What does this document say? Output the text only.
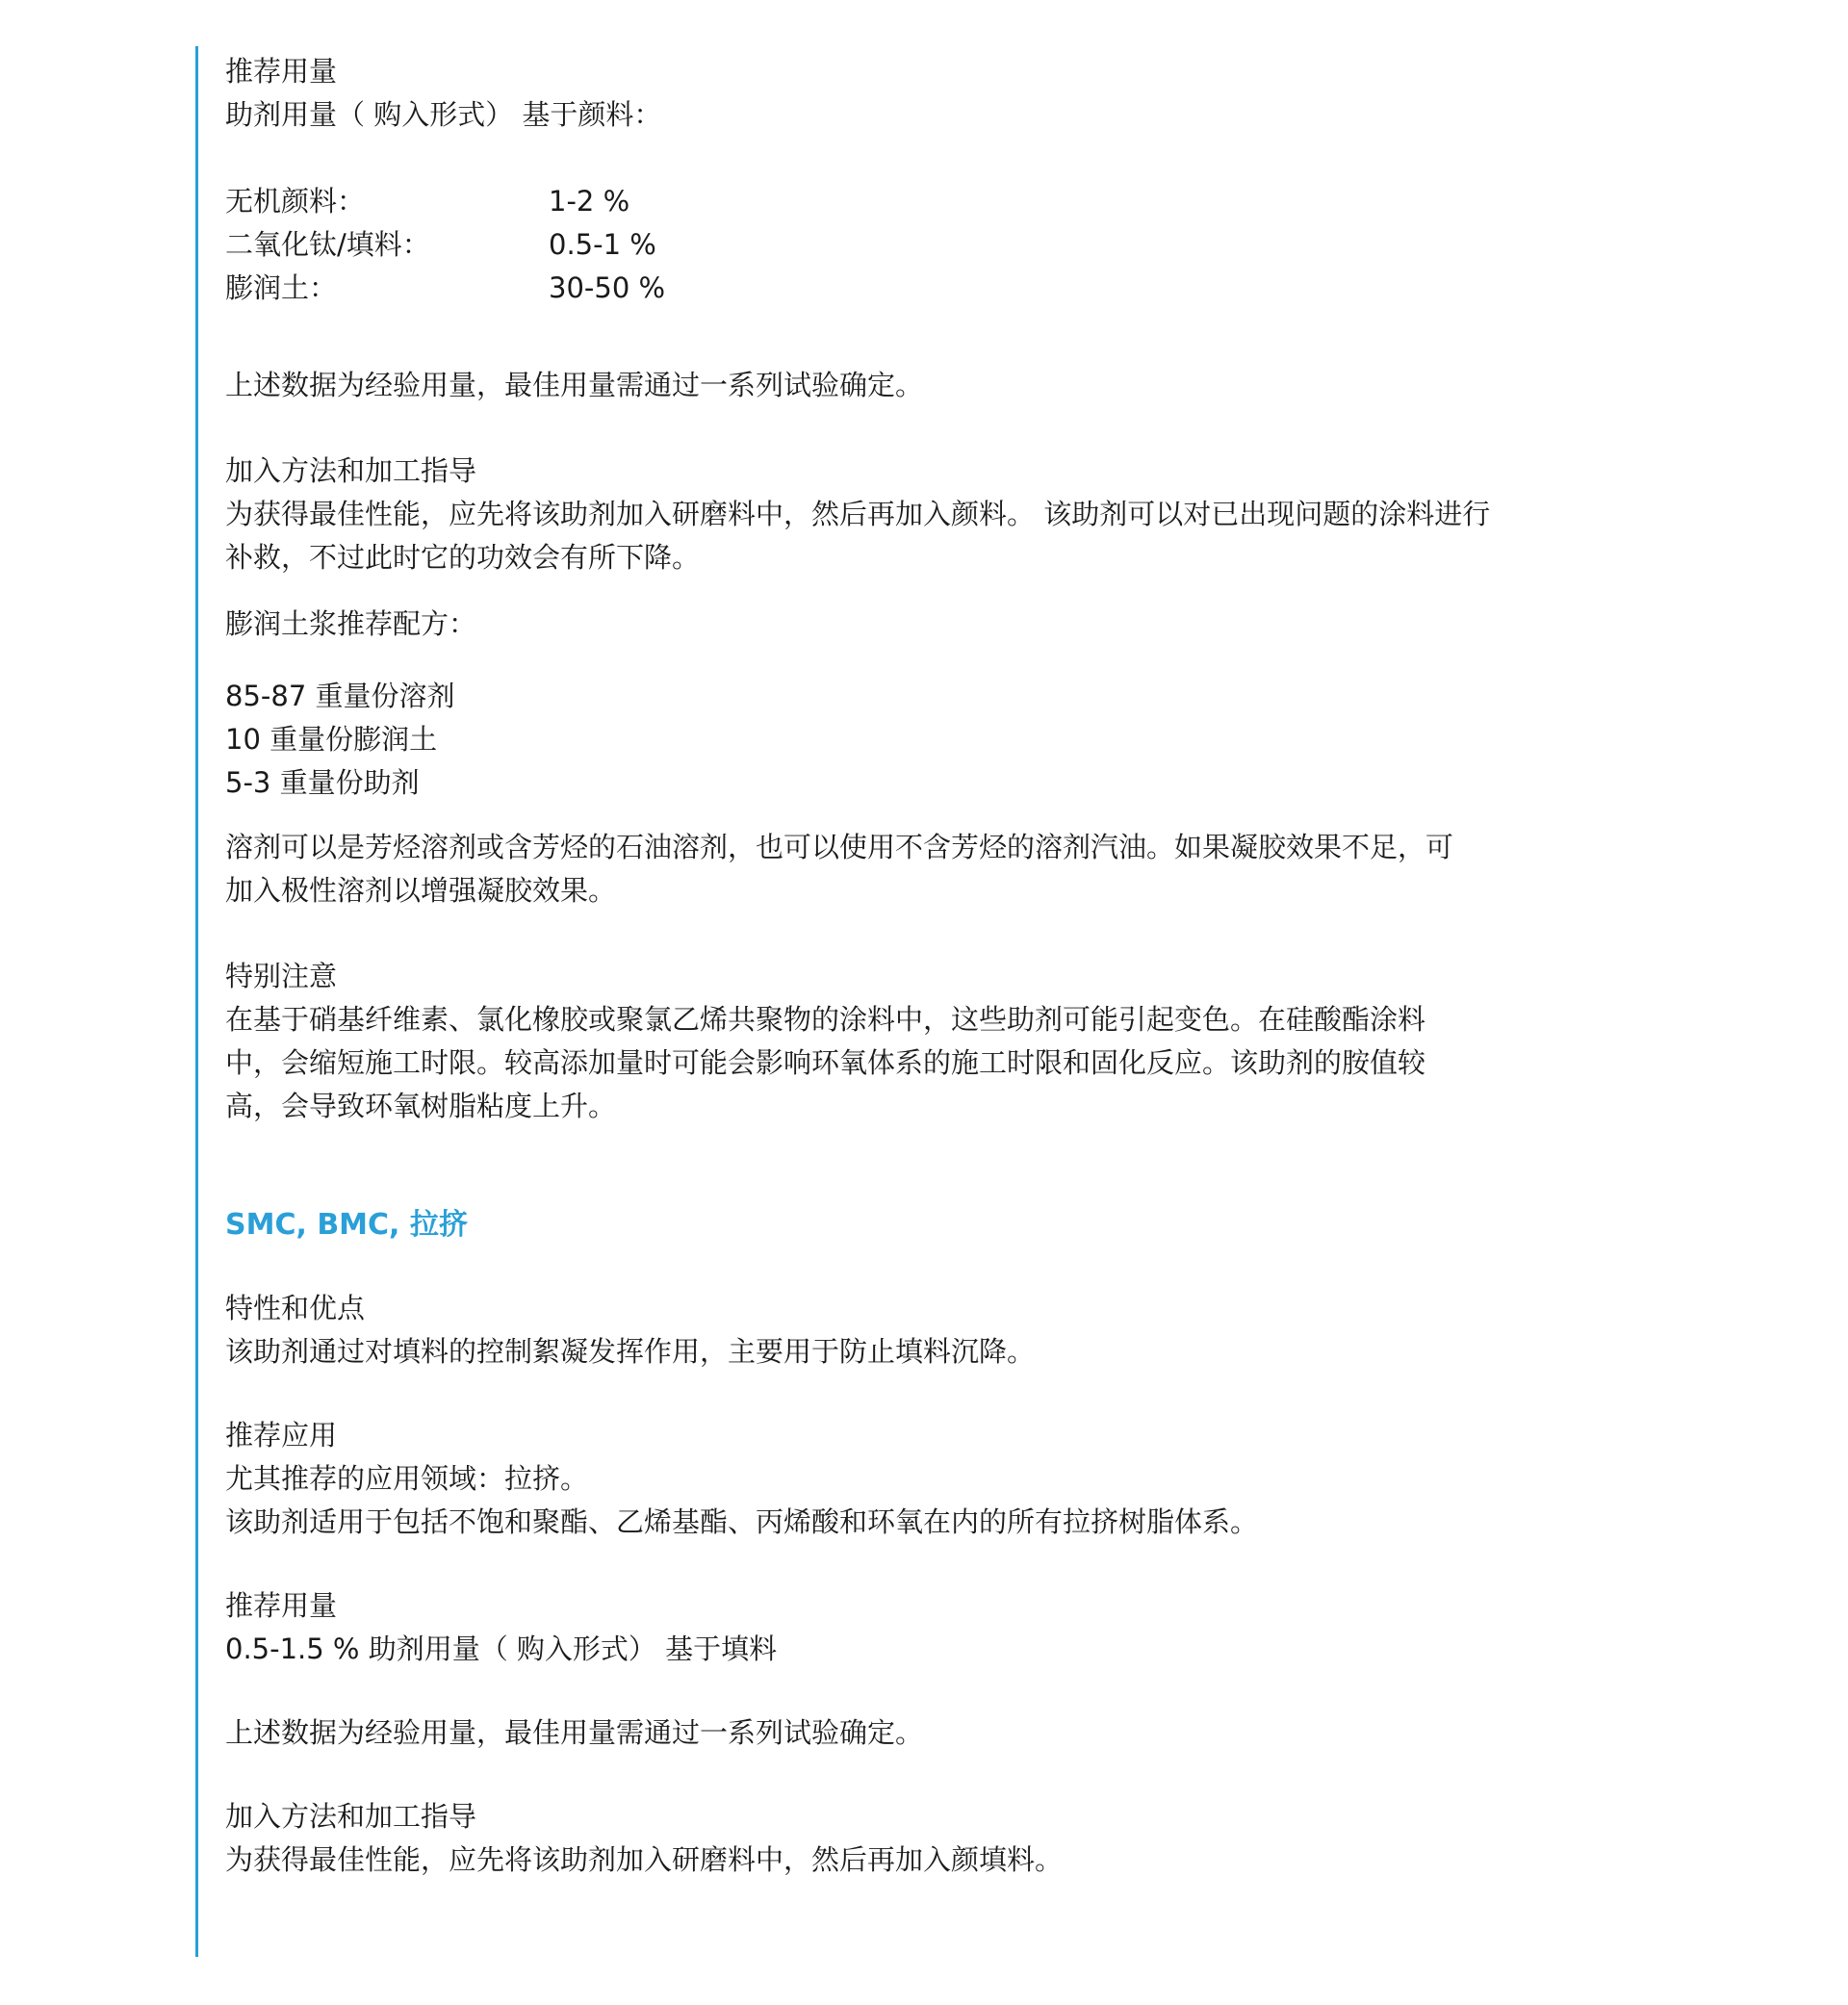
推荐用量
助剂用量（ 购入形式） 基于颜料：
无机颜料：	1-2 %
二氧化钛/填料：	0.5-1 %
膨润土：	30-50 %
上述数据为经验用量，最佳用量需通过一系列试验确定。
加入方法和加工指导
为获得最佳性能，应先将该助剂加入研磨料中，然后再加入颜料。 该助剂可以对已出现问题的涂料进行
补救，不过此时它的功效会有所下降。
膨润土浆推荐配方：
85-87 重量份溶剂
10 重量份膨润土
5-3 重量份助剂
溶剂可以是芳烃溶剂或含芳烃的石油溶剂，也可以使用不含芳烃的溶剂汽油。如果凝胶效果不足，可
加入极性溶剂以增强凝胶效果。
特别注意
在基于硝基纤维素、氯化橡胶或聚氯乙烯共聚物的涂料中，这些助剂可能引起变色。在硅酸酯涂料
中，会缩短施工时限。较高添加量时可能会影响环氧体系的施工时限和固化反应。该助剂的胺值较
高，会导致环氧树脂粘度上升。
SMC, BMC, 拉挤
特性和优点
该助剂通过对填料的控制絮凝发挥作用，主要用于防止填料沉降。
推荐应用
尤其推荐的应用领域：拉挤。
该助剂适用于包括不饱和聚酯、乙烯基酯、丙烯酸和环氧在内的所有拉挤树脂体系。
推荐用量
0.5-1.5 % 助剂用量（ 购入形式） 基于填料
上述数据为经验用量，最佳用量需通过一系列试验确定。
加入方法和加工指导
为获得最佳性能，应先将该助剂加入研磨料中，然后再加入颜填料。
